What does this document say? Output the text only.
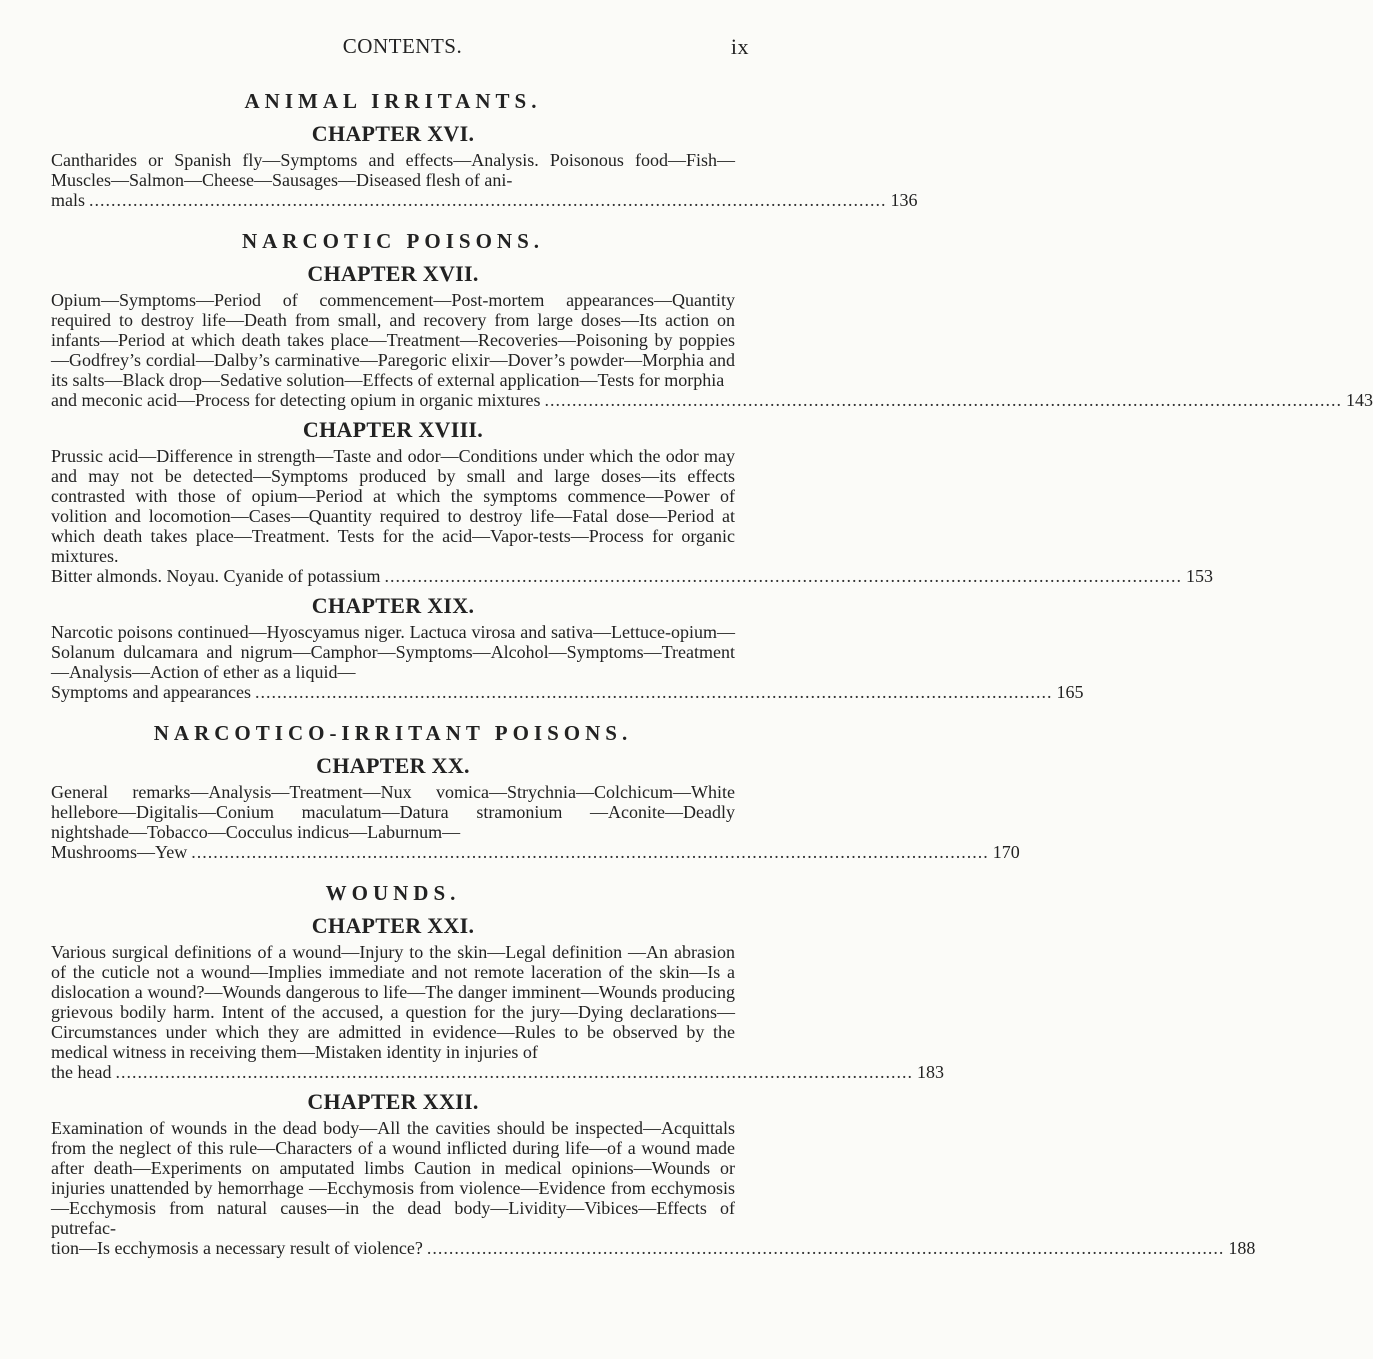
CONTENTS.	ix
ANIMAL IRRITANTS.
CHAPTER XVI.
Cantharides or Spanish fly—Symptoms and effects—Analysis. Poisonous food—Fish—Muscles—Salmon—Cheese—Sausages—Diseased flesh of ani-
mals ................................................................................................................................................. 136
NARCOTIC POISONS.
CHAPTER XVII.
Opium—Symptoms—Period of commencement—Post-mortem appearances—Quantity required to destroy life—Death from small, and recovery from large doses—Its action on infants—Period at which death takes place—Treatment—Recoveries—Poisoning by poppies—Godfrey’s cordial—Dalby’s carminative—Paregoric elixir—Dover’s powder—Morphia and its salts—Black drop—Sedative solution—Effects of external application—Tests for morphia
and meconic acid—Process for detecting opium in organic mixtures ................................................................................................................................................. 143
CHAPTER XVIII.
Prussic acid—Difference in strength—Taste and odor—Conditions under which the odor may and may not be detected—Symptoms produced by small and large doses—its effects contrasted with those of opium—Period at which the symptoms commence—Power of volition and locomotion—Cases—Quantity required to destroy life—Fatal dose—Period at which death takes place—Treatment. Tests for the acid—Vapor-tests—Process for organic mixtures.
Bitter almonds. Noyau. Cyanide of potassium ................................................................................................................................................. 153
CHAPTER XIX.
Narcotic poisons continued—Hyoscyamus niger. Lactuca virosa and sativa—Lettuce-opium—Solanum dulcamara and nigrum—Camphor—Symptoms—Alcohol—Symptoms—Treatment—Analysis—Action of ether as a liquid—
Symptoms and appearances ................................................................................................................................................. 165
NARCOTICO-IRRITANT POISONS.
CHAPTER XX.
General remarks—Analysis—Treatment—Nux vomica—Strychnia—Colchicum—White hellebore—Digitalis—Conium maculatum—Datura stramonium —Aconite—Deadly nightshade—Tobacco—Cocculus indicus—Laburnum—
Mushrooms—Yew ................................................................................................................................................. 170
WOUNDS.
CHAPTER XXI.
Various surgical definitions of a wound—Injury to the skin—Legal definition —An abrasion of the cuticle not a wound—Implies immediate and not remote laceration of the skin—Is a dislocation a wound?—Wounds dangerous to life—The danger imminent—Wounds producing grievous bodily harm. Intent of the accused, a question for the jury—Dying declarations—Circumstances under which they are admitted in evidence—Rules to be observed by the medical witness in receiving them—Mistaken identity in injuries of
the head ................................................................................................................................................. 183
CHAPTER XXII.
Examination of wounds in the dead body—All the cavities should be inspected—Acquittals from the neglect of this rule—Characters of a wound inflicted during life—of a wound made after death—Experiments on amputated limbs Caution in medical opinions—Wounds or injuries unattended by hemorrhage —Ecchymosis from violence—Evidence from ecchymosis—Ecchymosis from natural causes—in the dead body—Lividity—Vibices—Effects of putrefac-
tion—Is ecchymosis a necessary result of violence? ................................................................................................................................................. 188
